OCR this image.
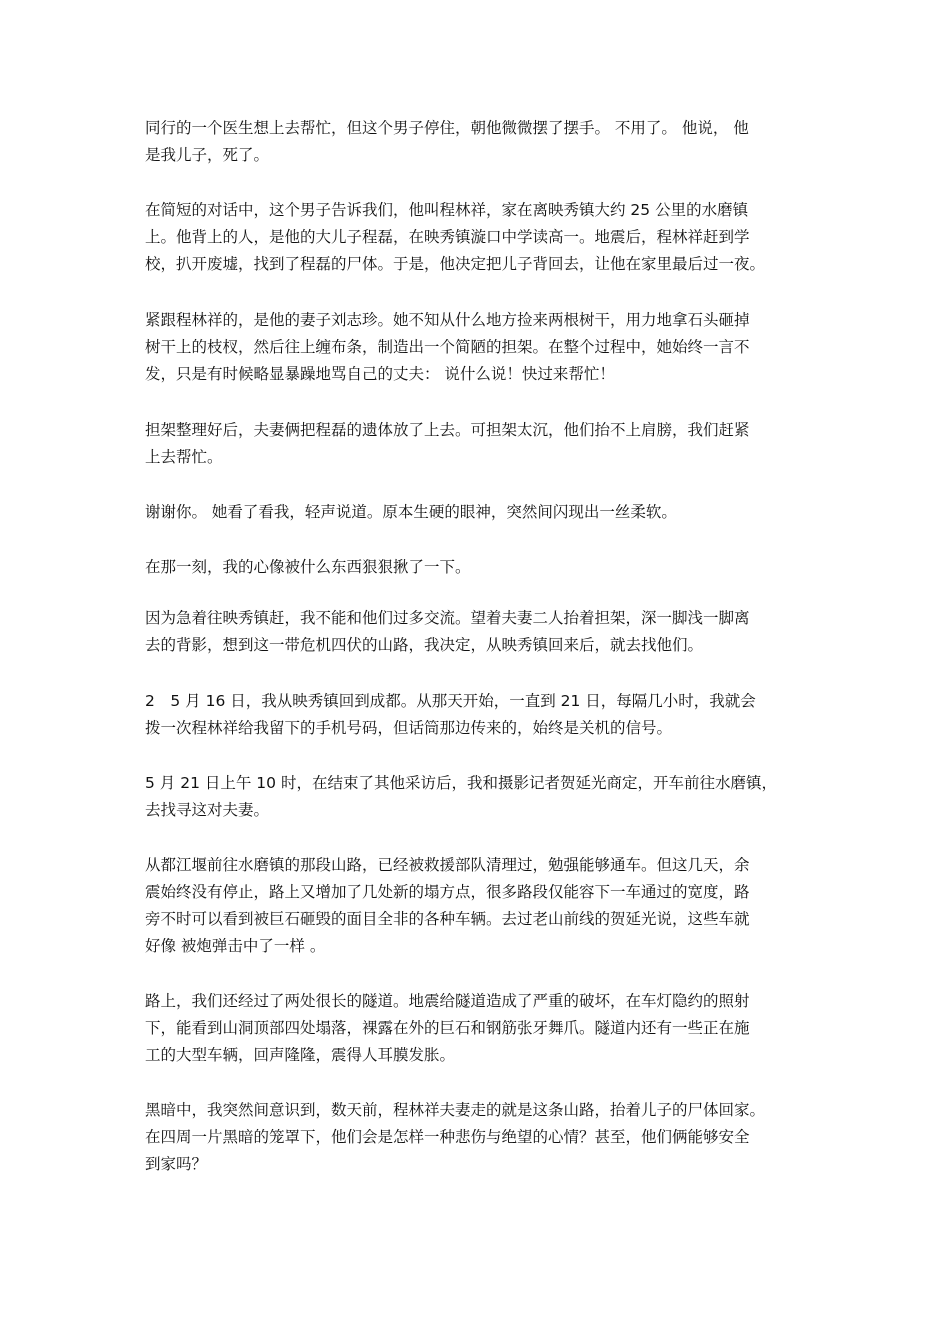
同行的一个医生想上去帮忙，但这个男子停住，朝他微微摆了摆手。 不用了。 他说， 他
是我儿子，死了。

在简短的对话中，这个男子告诉我们，他叫程林祥，家在离映秀镇大约 25 公里的水磨镇
上。他背上的人，是他的大儿子程磊，在映秀镇漩口中学读高一。地震后，程林祥赶到学
校，扒开废墟，找到了程磊的尸体。于是，他决定把儿子背回去，让他在家里最后过一夜。

紧跟程林祥的，是他的妻子刘志珍。她不知从什么地方捡来两根树干，用力地拿石头砸掉
树干上的枝杈，然后往上缠布条，制造出一个简陋的担架。在整个过程中，她始终一言不
发，只是有时候略显暴躁地骂自己的丈夫： 说什么说！快过来帮忙！

担架整理好后，夫妻俩把程磊的遗体放了上去。可担架太沉，他们抬不上肩膀，我们赶紧
上去帮忙。

谢谢你。 她看了看我，轻声说道。原本生硬的眼神，突然间闪现出一丝柔软。

在那一刻，我的心像被什么东西狠狠揪了一下。

因为急着往映秀镇赶，我不能和他们过多交流。望着夫妻二人抬着担架，深一脚浅一脚离
去的背影，想到这一带危机四伏的山路，我决定，从映秀镇回来后，就去找他们。

2　5 月 16 日，我从映秀镇回到成都。从那天开始，一直到 21 日，每隔几小时，我就会
拨一次程林祥给我留下的手机号码，但话筒那边传来的，始终是关机的信号。

5 月 21 日上午 10 时，在结束了其他采访后，我和摄影记者贺延光商定，开车前往水磨镇，
去找寻这对夫妻。

从都江堰前往水磨镇的那段山路，已经被救援部队清理过，勉强能够通车。但这几天，余
震始终没有停止，路上又增加了几处新的塌方点，很多路段仅能容下一车通过的宽度，路
旁不时可以看到被巨石砸毁的面目全非的各种车辆。去过老山前线的贺延光说，这些车就
好像 被炮弹击中了一样 。

路上，我们还经过了两处很长的隧道。地震给隧道造成了严重的破坏，在车灯隐约的照射
下，能看到山洞顶部四处塌落，裸露在外的巨石和钢筋张牙舞爪。隧道内还有一些正在施
工的大型车辆，回声隆隆，震得人耳膜发胀。

黑暗中，我突然间意识到，数天前，程林祥夫妻走的就是这条山路，抬着儿子的尸体回家。
在四周一片黑暗的笼罩下，他们会是怎样一种悲伤与绝望的心情？甚至，他们俩能够安全
到家吗？
